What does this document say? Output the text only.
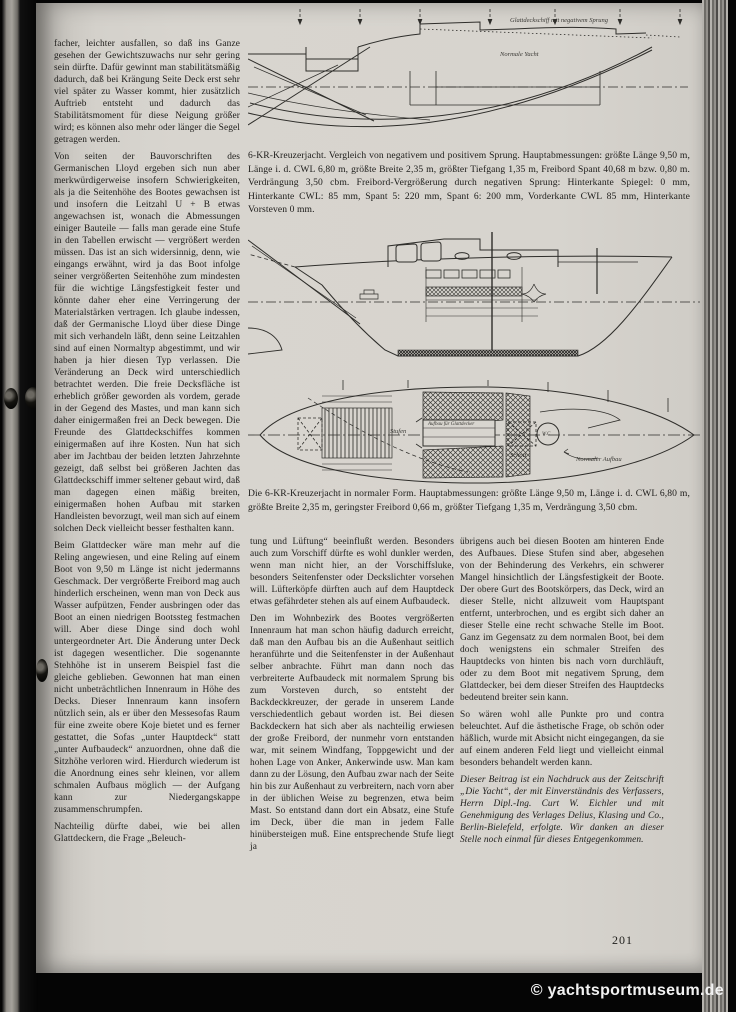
facher, leichter ausfallen, so daß ins Ganze gesehen der Gewichtszuwachs nur sehr gering sein dürfte. Dafür gewinnt man stabilitätsmäßig dadurch, daß bei Krängung Seite Deck erst sehr viel später zu Wasser kommt, hier zusätzlich Auftrieb entsteht und dadurch das Stabilitätsmoment für diese Neigung größer wird; es können also mehr oder länger die Segel getragen werden.

Von seiten der Bauvorschriften des Germanischen Lloyd ergeben sich nun aber merkwürdigerweise insofern Schwierigkeiten, als ja die Seitenhöhe des Bootes gewachsen ist und insofern die Leitzahl U + B etwas angewachsen ist, wonach die Abmessungen einiger Bauteile — falls man gerade eine Stufe in den Tabellen erwischt — vergrößert werden müssen. Das ist an sich widersinnig, denn, wie eingangs erwähnt, wird ja das Boot infolge seiner vergrößerten Seitenhöhe zum mindesten für die wichtige Längsfestigkeit fester und könnte daher eher eine Verringerung der Materialstärken vertragen. Ich glaube indessen, daß der Germanische Lloyd über diese Dinge mit sich verhandeln läßt, denn seine Leitzahlen sind auf einen Normaltyp abgestimmt, und wir haben ja hier diesen Typ verlassen. Die Veränderung an Deck wird unterschiedlich betrachtet werden. Die freie Decksfläche ist erheblich größer geworden als vordem, gerade in der Gegend des Mastes, und man kann sich daher einigermaßen frei an Deck bewegen. Die Freunde des Glattdeckschiffes kommen einigermaßen auf ihre Kosten. Nun hat sich aber im Jachtbau der beiden letzten Jahrzehnte gezeigt, daß selbst bei größeren Jachten das Glattdeckschiff immer seltener gebaut wird, daß man dagegen einen mäßig breiten, einigermaßen hohen Aufbau mit starken Handleisten bevorzugt, weil man sich auf einem solchen Deck vielleicht besser festhalten kann.

Beim Glattdecker wäre man mehr auf die Reling angewiesen, und eine Reling auf einem Boot von 9,50 m Länge ist nicht jedermanns Geschmack. Der vergrößerte Freibord mag auch hinderlich erscheinen, wenn man von Deck aus Wasser aufpützen, Fender ausbringen oder das Boot an einen niedrigen Bootssteg festmachen will. Aber diese Dinge sind doch wohl untergeordneter Art. Die Änderung unter Deck ist dagegen wesentlicher. Die sogenannte Stehhöhe ist in unserem Beispiel fast die gleiche geblieben. Gewonnen hat man einen nicht unbeträchtlichen Innenraum in Höhe des Decks. Dieser Innenraum kann insofern nützlich sein, als er über den Messesofas Raum für eine zweite obere Koje bietet und es ferner gestattet, die Sofas „unter Hauptdeck“ statt „unter Aufbaudeck“ anzuordnen, ohne daß die Sitzhöhe verloren wird. Hierdurch wiederum ist die Anordnung eines sehr kleinen, vor allem schmalen Aufbaus möglich — der Aufgang kann zur Niedergangskappe zusammenschrumpfen.

Nachteilig dürfte dabei, wie bei allen Glattdeckern, die Frage „Beleuch-

Glattdeckschiff mit negativem Sprung
Normale Yacht
6-KR-Kreuzerjacht. Vergleich von negativem und positivem Sprung. Hauptabmessungen: größte Länge 9,50 m, Länge i. d. CWL 6,80 m, größte Breite 2,35 m, größter Tiefgang 1,35 m, Freibord Spant 40,68 m bzw. 0,80 m. Verdrängung 3,50 cbm. Freibord-Vergrößerung durch negativen Sprung: Hinterkante Spiegel: 0 mm, Hinterkante CWL: 85 mm, Spant 5: 220 mm, Spant 6: 200 mm, Vorderkante CWL 85 mm, Hinterkante Vorsteven 0 mm.
Stufen
Aufbau für Glattdecker
W.C
Schott
Normaler Aufbau
Die 6-KR-Kreuzerjacht in normaler Form. Hauptabmessungen: größte Länge 9,50 m, Länge i. d. CWL 6,80 m, größte Breite 2,35 m, geringster Freibord 0,66 m, größter Tiefgang 1,35 m, Verdrängung 3,50 cbm.

tung und Lüftung“ beeinflußt werden. Besonders auch zum Vorschiff dürfte es wohl dunkler werden, wenn man nicht hier, an der Vorschiffsluke, besonders Seitenfenster oder Deckslichter vorsehen will. Lüfterköpfe dürften auch auf dem Hauptdeck etwas gefährdeter stehen als auf einem Aufbaudeck.

Den im Wohnbezirk des Bootes vergrößerten Innenraum hat man schon häufig dadurch erreicht, daß man den Aufbau bis an die Außenhaut seitlich heranführte und die Seitenfenster in der Außenhaut selber anbrachte. Führt man dann noch das verbreiterte Aufbaudeck mit normalem Sprung bis zum Vorsteven durch, so entsteht der Backdeckkreuzer, der gerade in unserem Lande verschiedentlich gebaut worden ist. Bei diesen Backdeckern hat sich aber als nachteilig erwiesen der große Freibord, der nunmehr vorn entstanden war, mit seinem Windfang, Toppgewicht und der hohen Lage von Anker, Ankerwinde usw. Man kam dann zu der Lösung, den Aufbau zwar nach der Seite hin bis zur Außenhaut zu verbreitern, nach vorn aber in der üblichen Weise zu begrenzen, etwa beim Mast. So entstand dann dort ein Absatz, eine Stufe im Deck, über die man in jedem Falle hinübersteigen muß. Eine entsprechende Stufe liegt ja

übrigens auch bei diesen Booten am hinteren Ende des Aufbaues. Diese Stufen sind aber, abgesehen von der Behinderung des Verkehrs, ein schwerer Mangel hinsichtlich der Längsfestigkeit der Boote. Der obere Gurt des Bootskörpers, das Deck, wird an dieser Stelle, nicht allzuweit vom Hauptspant entfernt, unterbrochen, und es ergibt sich daher an dieser Stelle eine recht schwache Stelle im Boot. Ganz im Gegensatz zu dem normalen Boot, bei dem doch wenigstens ein schmaler Streifen des Hauptdecks von hinten bis nach vorn durchläuft, oder zu dem Boot mit negativem Sprung, dem Glattdecker, bei dem dieser Streifen des Hauptdecks bedeutend breiter sein kann.

So wären wohl alle Punkte pro und contra beleuchtet. Auf die ästhetische Frage, ob schön oder häßlich, wurde mit Absicht nicht eingegangen, da sie auf einem anderen Feld liegt und vielleicht einmal besonders behandelt werden kann.

Dieser Beitrag ist ein Nachdruck aus der Zeitschrift „Die Yacht“, der mit Einverständnis des Verfassers, Herrn Dipl.-Ing. Curt W. Eichler und mit Genehmigung des Verlages Delius, Klasing und Co., Berlin-Bielefeld, erfolgte. Wir danken an dieser Stelle noch einmal für dieses Entgegenkommen.

201
© yachtsportmuseum.de
